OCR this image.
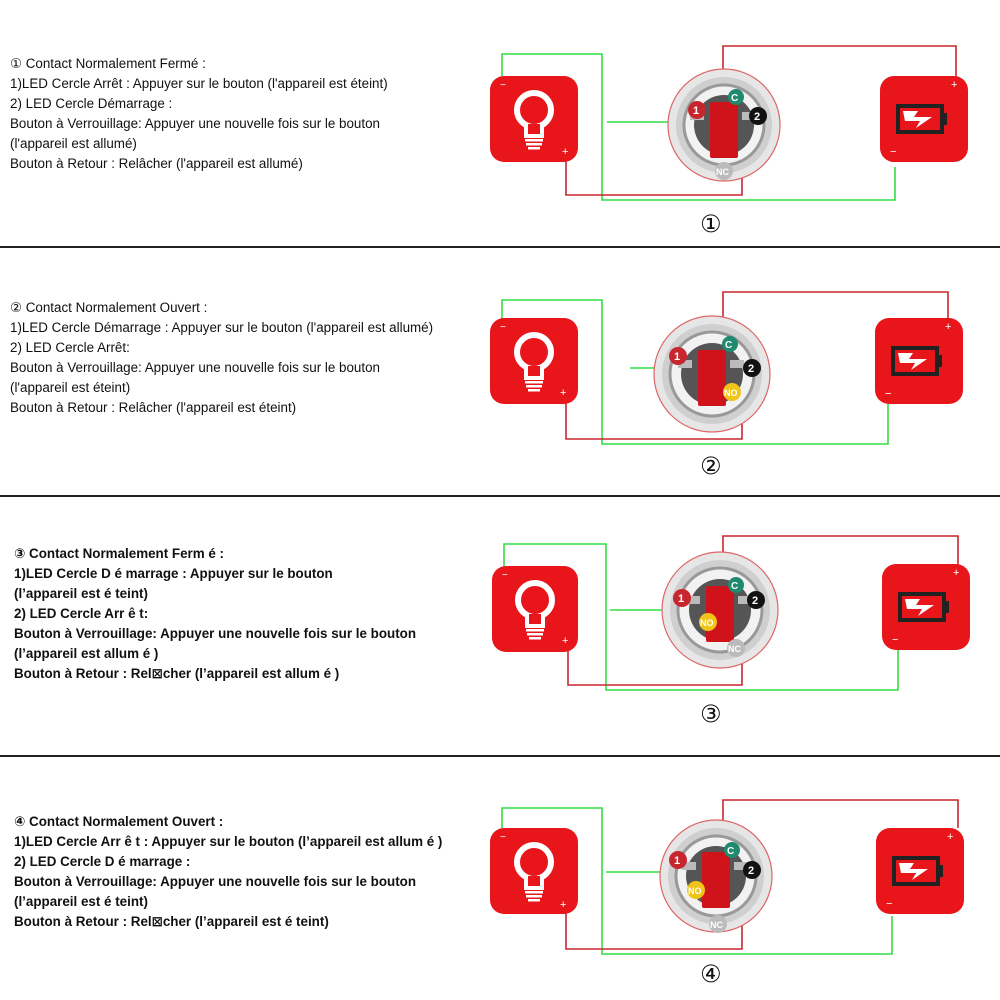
① Contact Normalement Fermé :
1)LED Cercle Arrêt : Appuyer sur le bouton (l'appareil est éteint)
2) LED Cercle Démarrage :
Bouton à Verrouillage: Appuyer une nouvelle fois sur le bouton
(l'appareil est allumé)
Bouton à Retour : Relâcher (l'appareil est allumé)
−
+
1
C
2
NC
+
−
①
② Contact Normalement Ouvert :
1)LED Cercle Démarrage : Appuyer sur le bouton (l'appareil est allumé)
2) LED Cercle Arrêt:
Bouton à Verrouillage: Appuyer une nouvelle fois sur le bouton
(l'appareil est éteint)
Bouton à Retour : Relâcher (l'appareil est éteint)
−
+
1
C
2
NO
+
−
②
③ Contact Normalement Ferm é :
1)LED Cercle D é marrage : Appuyer sur le bouton
(l’appareil est é teint)
2) LED Cercle Arr ê t:
Bouton à Verrouillage: Appuyer une nouvelle fois sur le bouton
(l’appareil est allum é )
Bouton à Retour : Rel⊠cher (l’appareil est allum é )
−
+
1
C
2
NO
NC
+
−
③
④ Contact Normalement Ouvert :
1)LED Cercle Arr ê t : Appuyer sur le bouton (l’appareil est allum é )
2) LED Cercle D é marrage :
Bouton à Verrouillage: Appuyer une nouvelle fois sur le bouton
(l’appareil est é teint)
Bouton à Retour : Rel⊠cher (l’appareil est é teint)
−
+
1
C
2
NO
NC
+
−
④
